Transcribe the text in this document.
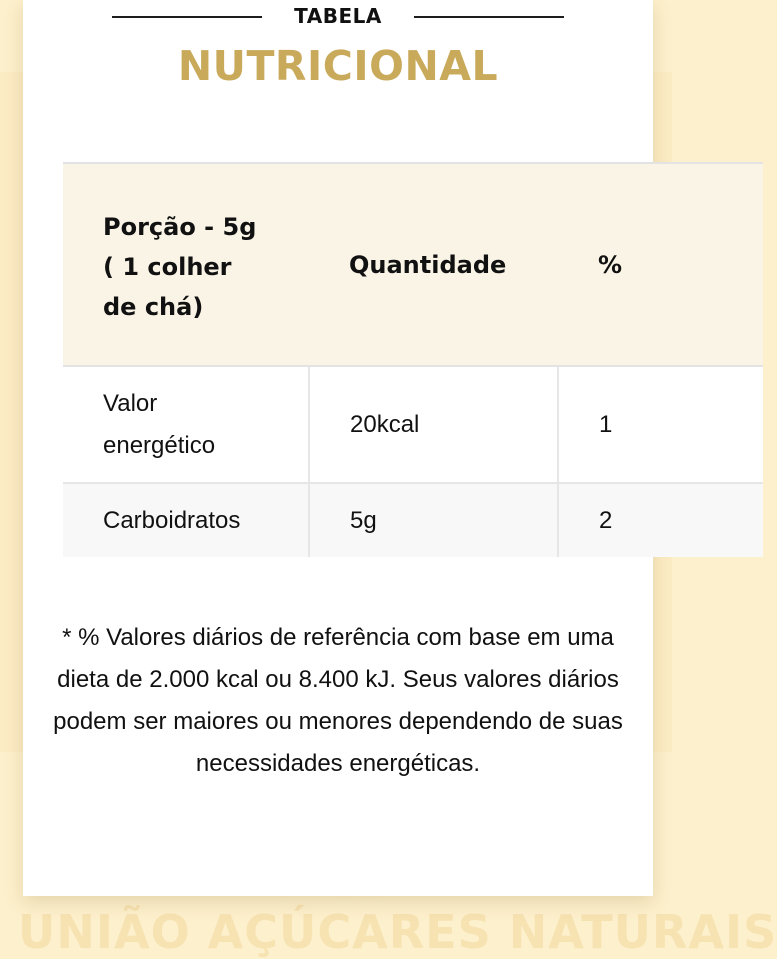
UNIÃO AÇÚCARES NATURAIS
TABELA
NUTRICIONAL
Porção - 5g ( 1 colher de chá)	Quantidade	%
Valor energético	20kcal	1
Carboidratos	5g	2
* % Valores diários de referência com base em uma dieta de 2.000 kcal ou 8.400 kJ. Seus valores diários podem ser maiores ou menores dependendo de suas necessidades energéticas.
